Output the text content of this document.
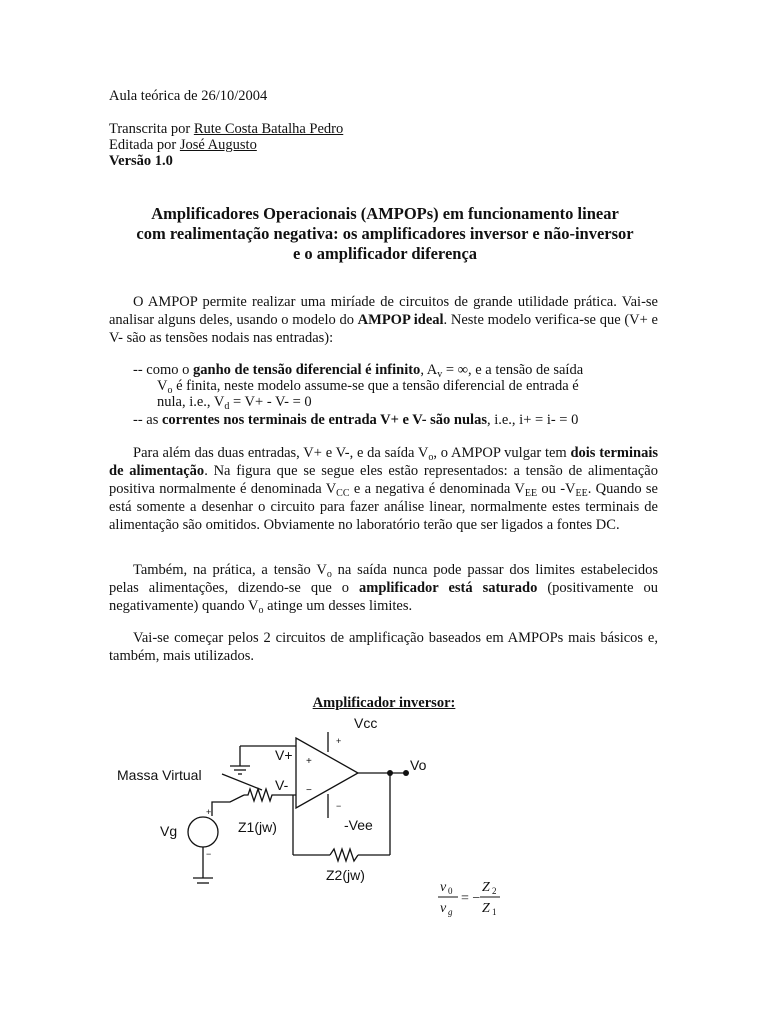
Aula teórica de 26/10/2004
Transcrita por Rute Costa Batalha Pedro
Editada por José Augusto
Versão 1.0
Amplificadores Operacionais (AMPOPs) em funcionamento linear
com realimentação negativa: os amplificadores inversor e não-inversor
e o amplificador diferença
O AMPOP permite realizar uma miríade de circuitos de grande utilidade prática. Vai-se analisar alguns deles, usando o modelo do AMPOP ideal. Neste modelo verifica-se que (V+ e V- são as tensões nodais nas entradas):
-- como o ganho de tensão diferencial é infinito, $A_v$ = ∞, e a tensão de saída
$V_o$ é finita, neste modelo assume-se que a tensão diferencial de entrada é
nula, i.e., $V_d = V+ - V- = 0$
-- as correntes nos terminais de entrada V+ e V- são nulas, i.e., i+ = i- = 0
Para além das duas entradas, V+ e V-, e da saída $V_o$, o AMPOP vulgar tem dois terminais de alimentação. Na figura que se segue eles estão representados: a tensão de alimentação positiva normalmente é denominada $V_{CC}$ e a negativa é denominada $V_{EE}$ ou $-V_{EE}$. Quando se está somente a desenhar o circuito para fazer análise linear, normalmente estes terminais de alimentação são omitidos. Obviamente no laboratório terão que ser ligados a fontes DC.
Também, na prática, a tensão $V_o$ na saída nunca pode passar dos limites estabelecidos pelas alimentações, dizendo-se que o amplificador está saturado (positivamente ou negativamente) quando $V_o$ atinge um desses limites.
Vai-se começar pelos 2 circuitos de amplificação baseados em AMPOPs mais básicos e, também, mais utilizados.
Amplificador inversor:
Vcc
V+
V-
+
−
+
−
Vo
Massa Virtual
Vg
+
−
Z1(jw)	-Vee
Z2(jw)
v 0
v g
= −
Z 2
Z 1
